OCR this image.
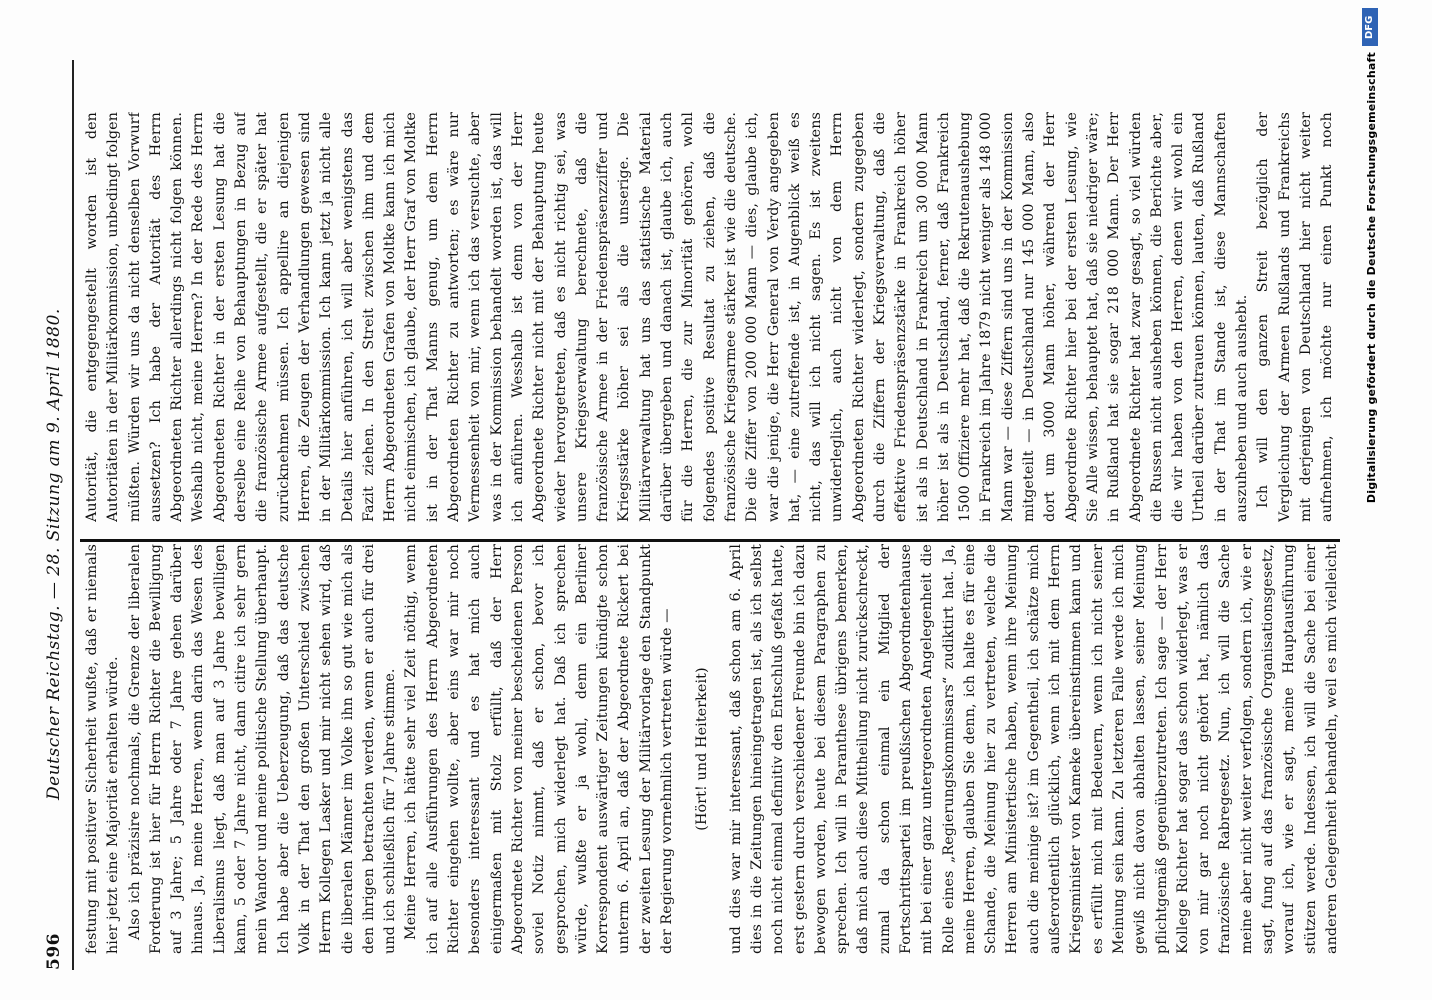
596
Deutscher Reichstag. — 28. Sitzung am 9. April 1880. festung mit positiver Sicherheit wußte, daß er niemals hier jetzt eine Majorität erhalten würde. Also ich präzisire nochmals, die Grenze der liberalen Forderung ist hier für Herrn Richter die Bewilligung auf 3 Jahre; 5 Jahre oder 7 Jahre gehen darüber hinaus. Ja, meine Herren, wenn darin das Wesen des Liberalismus liegt, daß man auf 3 Jahre bewilligen kann, 5 oder 7 Jahre nicht, dann citire ich sehr gern mein Wandor und meine politische Stellung überhaupt. Ich habe aber die Ueberzeugung, daß das deutsche Volk in der That den großen Unterschied zwischen Herrn Kollegen Lasker und mir nicht sehen wird, daß die liberalen Männer im Volke ihn so gut wie mich als den ihrigen betrachten werden, wenn er auch für drei und ich schließlich für 7 Jahre stimme. Meine Herren, ich hätte sehr viel Zeit nöthig, wenn ich auf alle Ausführungen des Herrn Abgeordneten Richter eingehen wollte, aber eins war mir noch besonders interessant und es hat mich auch einigermaßen mit Stolz erfüllt, daß der Herr Abgeordnete Richter von meiner bescheidenen Person soviel Notiz nimmt, daß er schon, bevor ich gesprochen, mich widerlegt hat. Daß ich sprechen würde, wußte er ja wohl, denn ein Berliner Korrespondent auswärtiger Zeitungen kündigte schon unterm 6. April an, daß der Abgeordnete Rickert bei der zweiten Lesung der Militärvorlage den Standpunkt der Regierung vornehmlich vertreten würde — (Hört! und Heiterkeit)

und dies war mir interessant, daß schon am 6. April dies in die Zeitungen hineingetragen ist, als ich selbst noch nicht einmal definitiv den Entschluß gefaßt hatte, erst gestern durch verschiedener Freunde bin ich dazu bewogen worden, heute bei diesem Paragraphen zu sprechen. Ich will in Paranthese übrigens bemerken, daß mich auch diese Mittheilung nicht zurückschreckt, zumal da schon einmal ein Mitglied der Fortschrittspartei im preußischen Abgeordnetenhause mit bei einer ganz untergeordneten Angelegenheit die Rolle eines „Regierungskommissars“ zudiktirt hat. Ja, meine Herren, glauben Sie denn, ich halte es für eine Schande, die Meinung hier zu vertreten, welche die Herren am Ministertische haben, wenn ihre Meinung auch die meinige ist? im Gegentheil, ich schätze mich außerordentlich glücklich, wenn ich mit dem Herrn Kriegsminister von Kameke übereinstimmen kann und es erfüllt mich mit Bedeuern, wenn ich nicht seiner Meinung sein kann. Zu letzteren Falle werde ich mich gewiß nicht davon abhalten lassen, seiner Meinung pflichtgemäß gegenüberzutreten. Ich sage — der Herr Kollege Richter hat sogar das schon widerlegt, was er von mir gar noch nicht gehört hat, nämlich das französische Rabregesetz. Nun, ich will die Sache meine aber nicht weiter verfolgen, sondern ich, wie er sagt, fung auf das französische Organisationsgesetz, worauf ich, wie er sagt, meine Hauptausführung stützen werde. Indessen, ich will die Sache bei einer anderen Gelegenheit behandeln, weil es mich vielleicht

Autorität, die entgegengestellt worden ist den Autoritäten in der Militärkommission, unbedingt folgen müßten. Würden wir uns da nicht denselben Vorwurf aussetzen? Ich habe der Autorität des Herrn Abgeordneten Richter allerdings nicht folgen können. Weshalb nicht, meine Herren? In der Rede des Herrn Abgeordneten Richter in der ersten Lesung hat die derselbe eine Reihe von Behauptungen in Bezug auf die französische Armee aufgestellt, die er später hat zurücknehmen müssen. Ich appellire an diejenigen Herren, die Zeugen der Verhandlungen gewesen sind in der Militärkommission. Ich kann jetzt ja nicht alle Details hier anführen, ich will aber wenigstens das Fazit ziehen. In den Streit zwischen ihm und dem Herrn Abgeordneten Grafen von Moltke kann ich mich nicht einmischen, ich glaube, der Herr Graf von Moltke ist in der That Manns genug, um dem Herrn Abgeordneten Richter zu antworten; es wäre nur Vermessenheit von mir, wenn ich das versuchte, aber was in der Kommission behandelt worden ist, das will ich anführen. Wesshalb ist denn von der Herr Abgeordnete Richter nicht mit der Behauptung heute wieder hervorgetreten, daß es nicht richtig sei, was unsere Kriegsverwaltung berechnete, daß die französische Armee in der Friedenspräsenzziffer und Kriegsstärke höher sei als die unserige. Die Militärverwaltung hat uns das statistische Material darüber übergeben und danach ist, glaube ich, auch für die Herren, die zur Minorität gehören, wohl folgendes positive Resultat zu ziehen, daß die französische Kriegsarmee stärker ist wie die deutsche. Die die Ziffer von 200 000 Mann — dies, glaube ich, war die jenige, die Herr General von Verdy angegeben hat, — eine zutreffende ist, in Augenblick weiß es nicht, das will ich nicht sagen. Es ist zweitens unwiderleglich, auch nicht von dem Herrn Abgeordneten Richter widerlegt, sondern zugegeben durch die Ziffern der Kriegsverwaltung, daß die effektive Friedenspräsenzstärke in Frankreich höher ist als in Deutschland in Frankreich um 30 000 Mann höher ist als in Deutschland, ferner, daß Frankreich 1500 Offiziere mehr hat, daß die Rekrutenaushebung in Frankreich im Jahre 1879 nicht weniger als 148 000 Mann war — diese Ziffern sind uns in der Kommission mitgeteilt — in Deutschland nur 145 000 Mann, also dort um 3000 Mann höher, während der Herr Abgeordnete Richter hier bei der ersten Lesung, wie Sie Alle wissen, behauptet hat, daß sie niedriger wäre; in Rußland hat sie sogar 218 000 Mann. Der Herr Abgeordnete Richter hat zwar gesagt, so viel würden die Russen nicht ausheben können, die Berichte aber, die wir haben von den Herren, denen wir wohl ein Urtheil darüber zutrauen können, lauten, daß Rußland in der That im Stande ist, diese Mannschaften auszuheben und auch aushebt. Ich will den ganzen Streit bezüglich der Vergleichung der Armeen Rußlands und Frankreichs mit derjenigen von Deutschland hier nicht weiter aufnehmen, ich möchte nur einen Punkt noch

DFG
Digitalisierung gefördert durch die Deutsche Forschungsgemeinschaft
